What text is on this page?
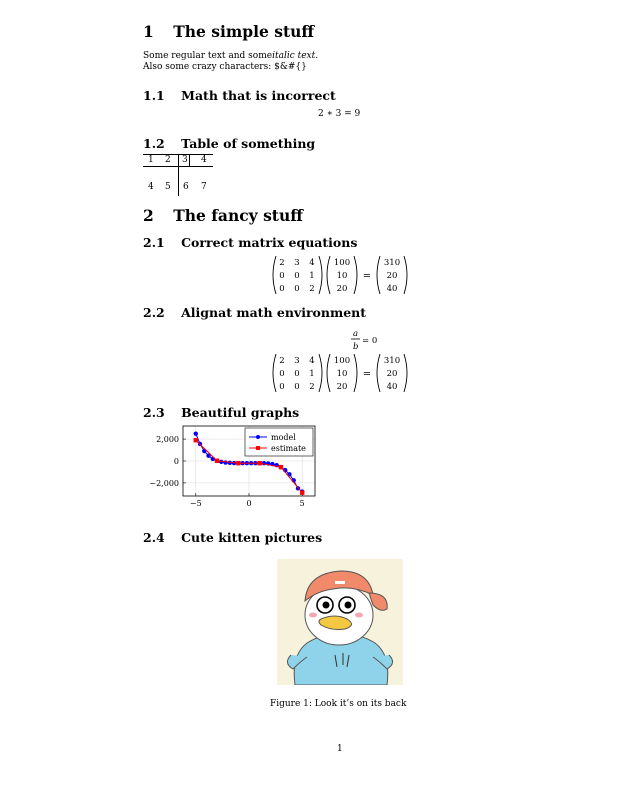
1 The simple stuff
Some regular text and someitalic text.
Also some crazy characters: $&#{}
1.1 Math that is incorrect
2 ∗ 3 = 9
1.2 Table of something
1 2 3 4
4 5 6 7
2 The fancy stuff
2.1 Correct matrix equations
2 3 4
0 0 1
0 0 2
100
10
20
=
310
20
40
2.2 Alignat math environment
a
b
= 0
2 3 4
0 0 1
0 0 2
100
10
20
=
310
20
40
2.3 Beautiful graphs
−5	0	5
2,000
0
−2,000
model
estimate
2.4 Cute kitten pictures
Figure 1: Look it’s on its back
1
